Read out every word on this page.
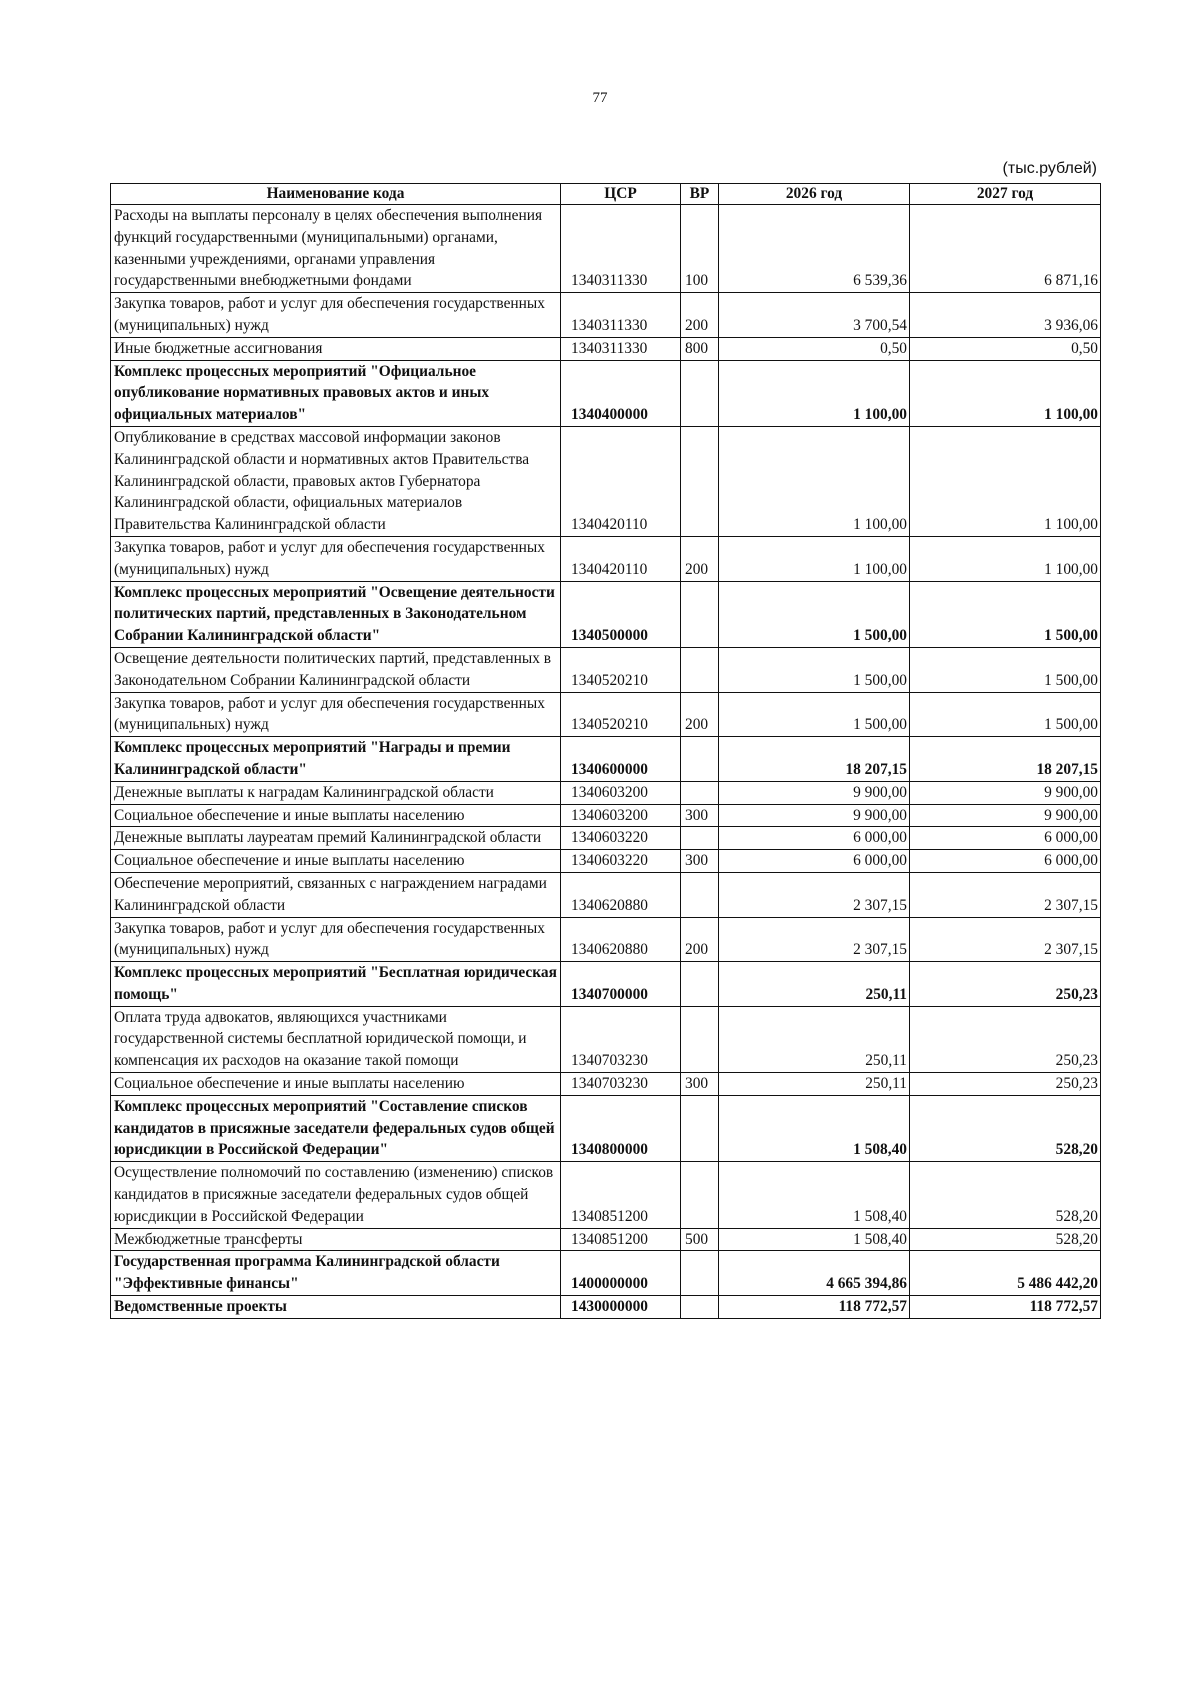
77
(тыс.рублей)
Наименование кода	ЦСР	ВР	2026 год	2027 год
Расходы на выплаты персоналу в целях обеспечения выполнения функций государственными (муниципальными) органами, казенными учреждениями, органами управления государственными внебюджетными фондами	1340311330	100	6 539,36	6 871,16
Закупка товаров, работ и услуг для обеспечения государственных (муниципальных) нужд	1340311330	200	3 700,54	3 936,06
Иные бюджетные ассигнования	1340311330	800	0,50	0,50
Комплекс процессных мероприятий "Официальное опубликование нормативных правовых актов и иных официальных материалов"	1340400000		1 100,00	1 100,00
Опубликование в средствах массовой информации законов Калининградской области и нормативных актов Правительства Калининградской области, правовых актов Губернатора Калининградской области, официальных материалов Правительства Калининградской области	1340420110		1 100,00	1 100,00
Закупка товаров, работ и услуг для обеспечения государственных (муниципальных) нужд	1340420110	200	1 100,00	1 100,00
Комплекс процессных мероприятий "Освещение деятельности политических партий, представленных в Законодательном Собрании Калининградской области"	1340500000		1 500,00	1 500,00
Освещение деятельности политических партий, представленных в Законодательном Собрании Калининградской области	1340520210		1 500,00	1 500,00
Закупка товаров, работ и услуг для обеспечения государственных (муниципальных) нужд	1340520210	200	1 500,00	1 500,00
Комплекс процессных мероприятий "Награды и премии Калининградской области"	1340600000		18 207,15	18 207,15
Денежные выплаты к наградам Калининградской области	1340603200		9 900,00	9 900,00
Социальное обеспечение и иные выплаты населению	1340603200	300	9 900,00	9 900,00
Денежные выплаты лауреатам премий Калининградской области	1340603220		6 000,00	6 000,00
Социальное обеспечение и иные выплаты населению	1340603220	300	6 000,00	6 000,00
Обеспечение мероприятий, связанных с награждением наградами Калининградской области	1340620880		2 307,15	2 307,15
Закупка товаров, работ и услуг для обеспечения государственных (муниципальных) нужд	1340620880	200	2 307,15	2 307,15
Комплекс процессных мероприятий "Бесплатная юридическая помощь"	1340700000		250,11	250,23
Оплата труда адвокатов, являющихся участниками государственной системы бесплатной юридической помощи, и компенсация их расходов на оказание такой помощи	1340703230		250,11	250,23
Социальное обеспечение и иные выплаты населению	1340703230	300	250,11	250,23
Комплекс процессных мероприятий "Составление списков кандидатов в присяжные заседатели федеральных судов общей юрисдикции в Российской Федерации"	1340800000		1 508,40	528,20
Осуществление полномочий по составлению (изменению) списков кандидатов в присяжные заседатели федеральных судов общей юрисдикции в Российской Федерации	1340851200		1 508,40	528,20
Межбюджетные трансферты	1340851200	500	1 508,40	528,20
Государственная программа Калининградской области "Эффективные финансы"	1400000000		4 665 394,86	5 486 442,20
Ведомственные проекты	1430000000		118 772,57	118 772,57
